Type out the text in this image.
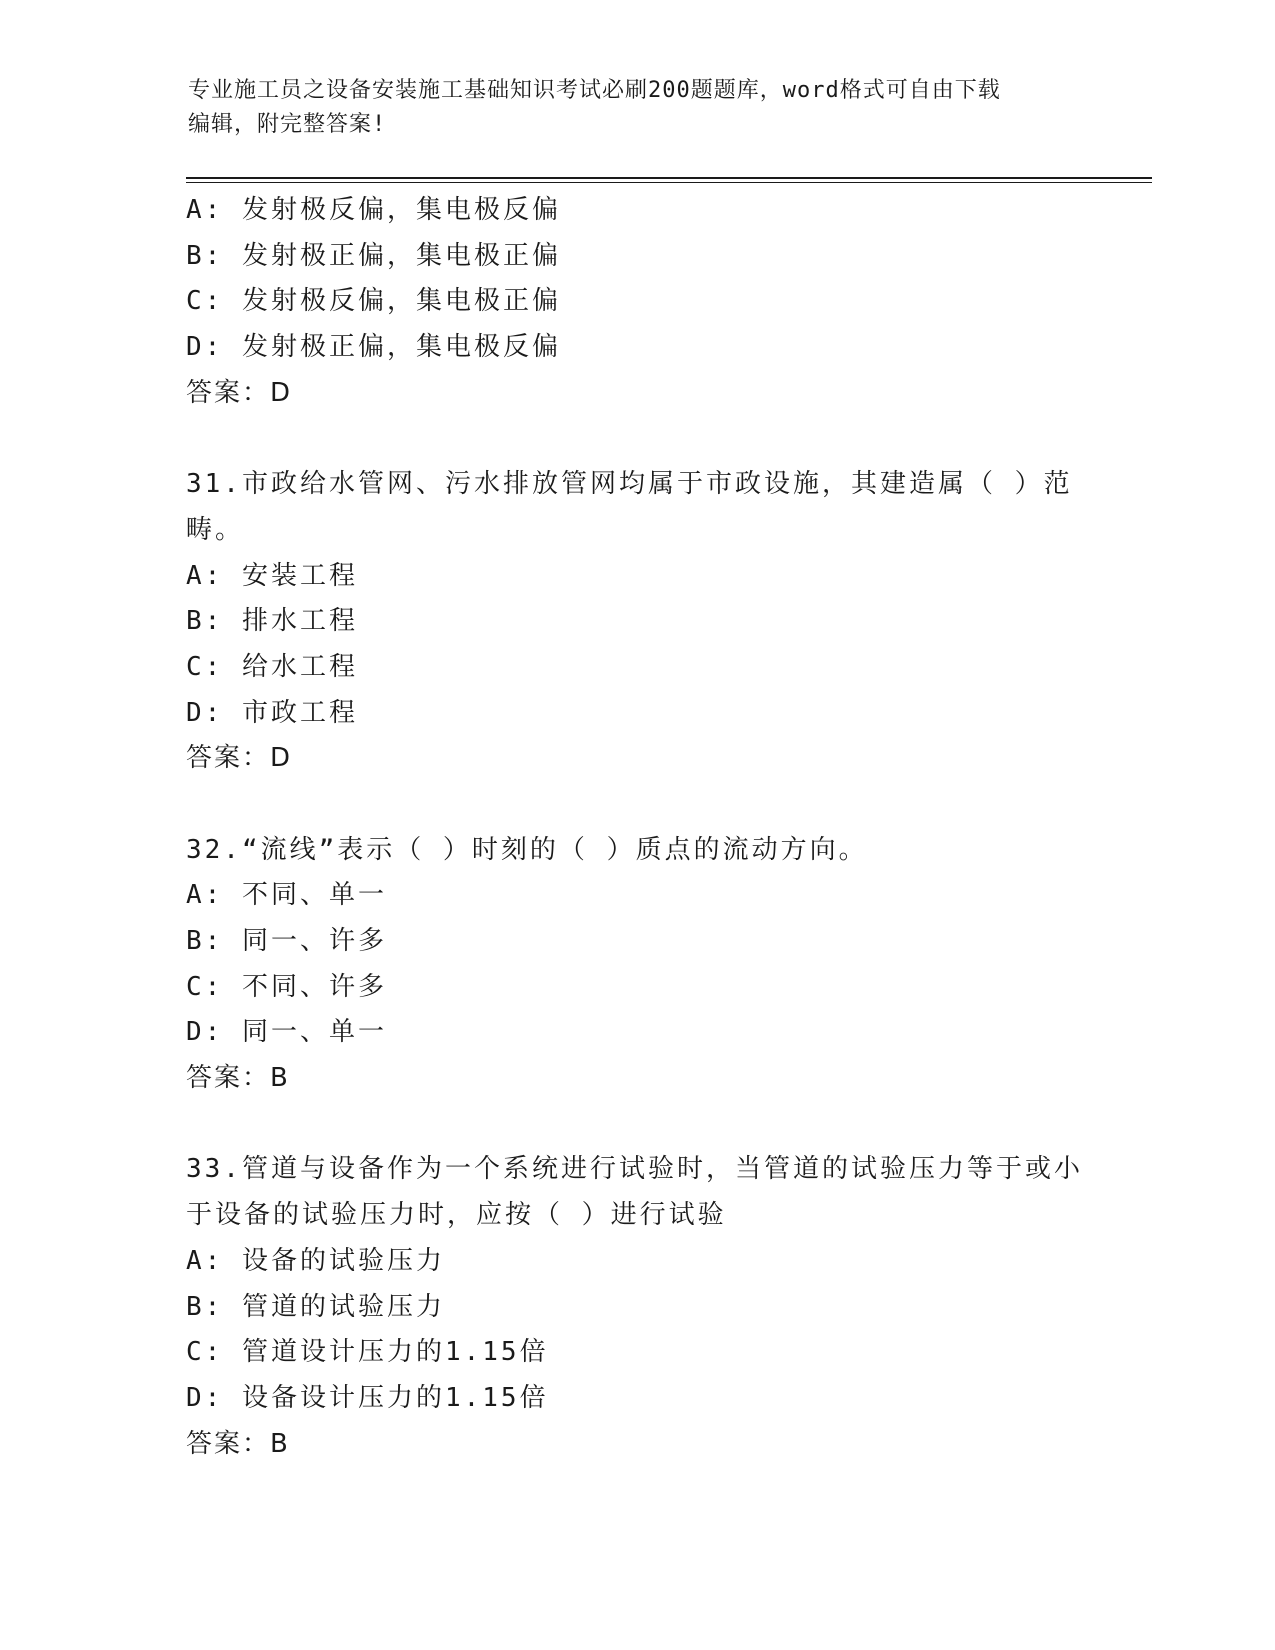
专业施工员之设备安装施工基础知识考试必刷200题题库，word格式可自由下载
编辑，附完整答案!
A: 发射极反偏，集电极反偏
B: 发射极正偏，集电极正偏
C: 发射极反偏，集电极正偏
D: 发射极正偏，集电极反偏
答案：D
31.市政给水管网、污水排放管网均属于市政设施，其建造属（ ）范
畴。
A: 安装工程
B: 排水工程
C: 给水工程
D: 市政工程
答案：D
32.“流线”表示（ ）时刻的（ ）质点的流动方向。
A: 不同、单一
B: 同一、许多
C: 不同、许多
D: 同一、单一
答案：B
33.管道与设备作为一个系统进行试验时，当管道的试验压力等于或小
于设备的试验压力时，应按（ ）进行试验
A: 设备的试验压力
B: 管道的试验压力
C: 管道设计压力的1.15倍
D: 设备设计压力的1.15倍
答案：B
